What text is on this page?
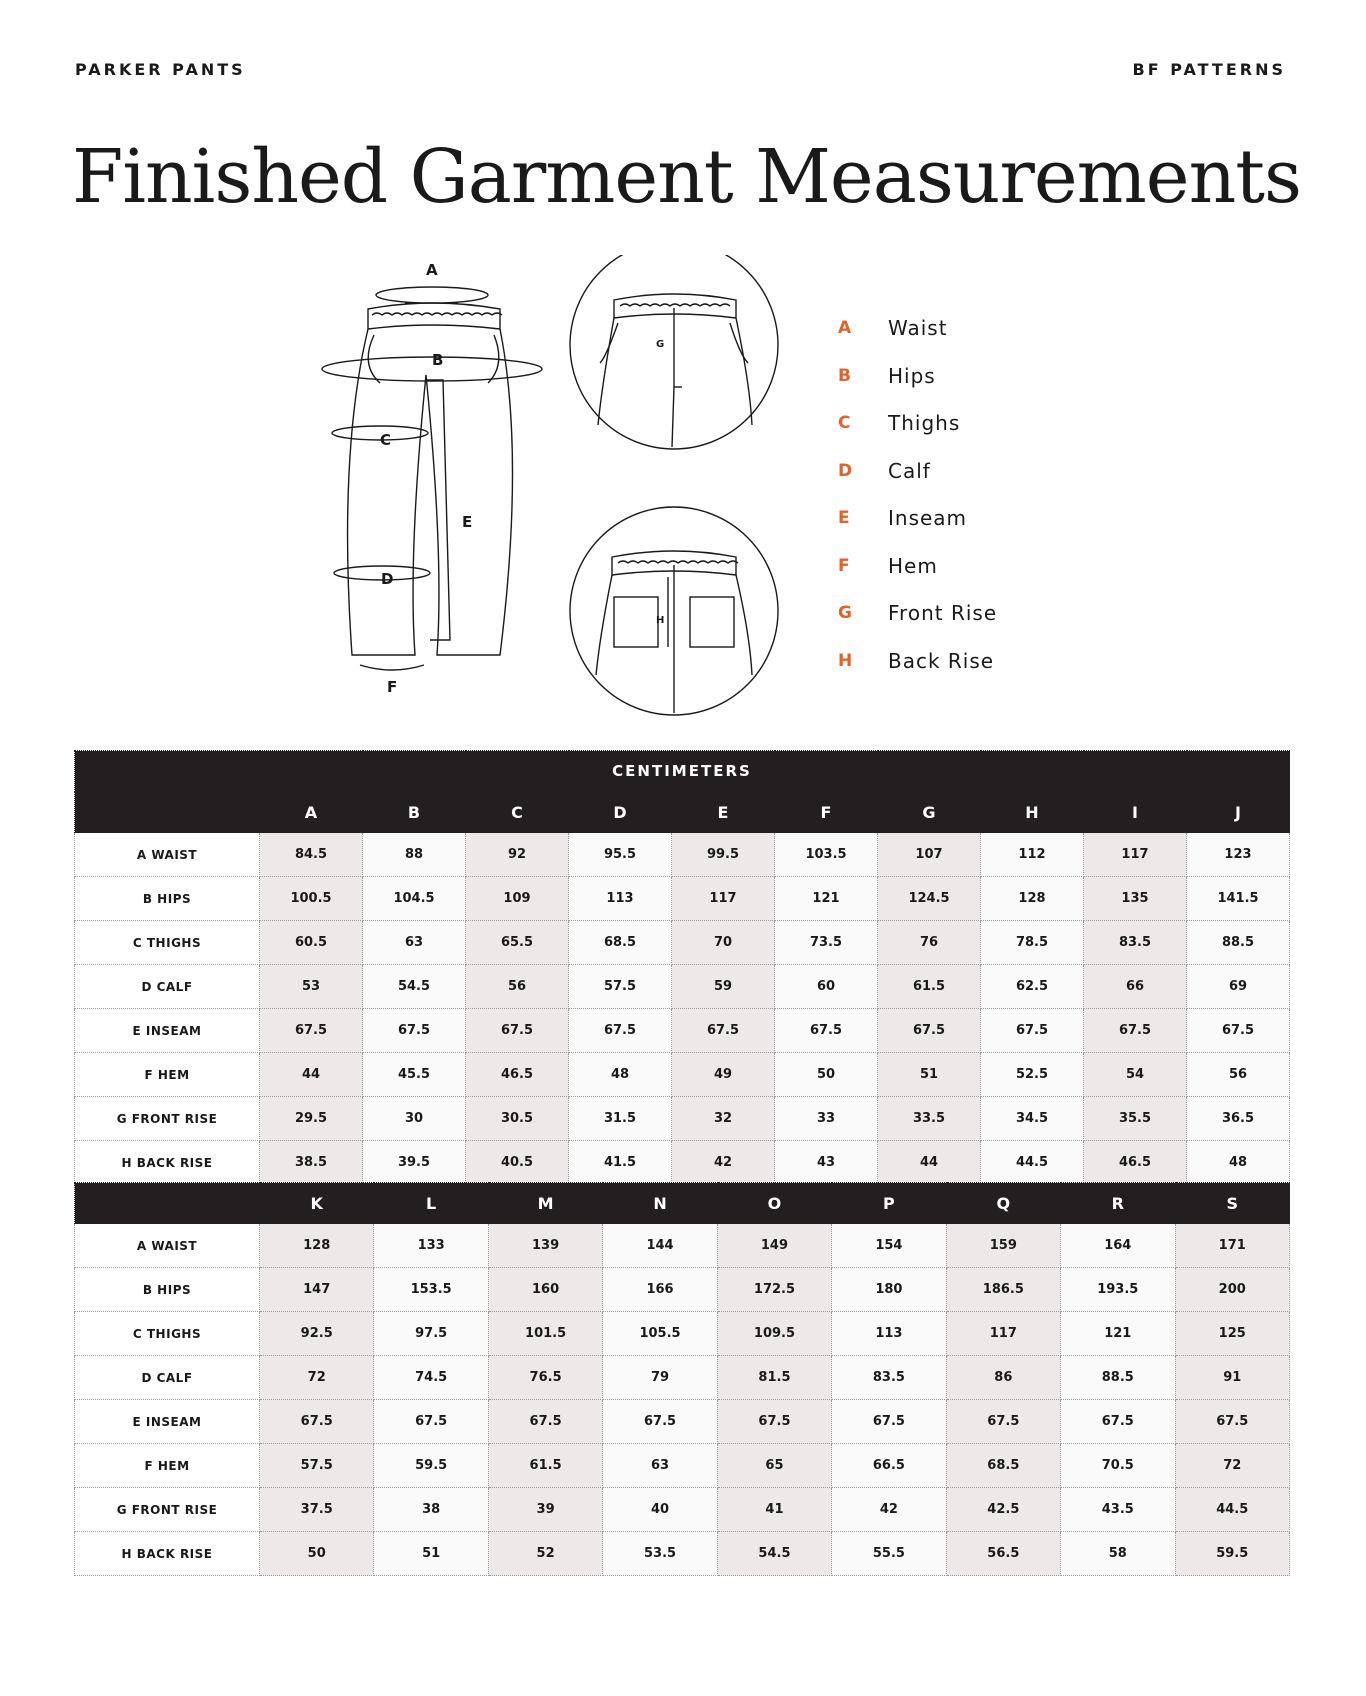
PARKER PANTS	BF PATTERNS
Finished Garment Measurements
A
B
C
D
E
F
G
H
A Waist
B Hips
C Thighs
D Calf
E Inseam
F Hem
G Front Rise
H Back Rise
CENTIMETERS										
	A	B	C	D	E	F	G	H	I	J
A WAIST	84.5	88	92	95.5	99.5	103.5	107	112	117	123
B HIPS	100.5	104.5	109	113	117	121	124.5	128	135	141.5
C THIGHS	60.5	63	65.5	68.5	70	73.5	76	78.5	83.5	88.5
D CALF	53	54.5	56	57.5	59	60	61.5	62.5	66	69
E INSEAM	67.5	67.5	67.5	67.5	67.5	67.5	67.5	67.5	67.5	67.5
F HEM	44	45.5	46.5	48	49	50	51	52.5	54	56
G FRONT RISE	29.5	30	30.5	31.5	32	33	33.5	34.5	35.5	36.5
H BACK RISE	38.5	39.5	40.5	41.5	42	43	44	44.5	46.5	48
	K	L	M	N	O	P	Q	R	S
A WAIST	128	133	139	144	149	154	159	164	171
B HIPS	147	153.5	160	166	172.5	180	186.5	193.5	200
C THIGHS	92.5	97.5	101.5	105.5	109.5	113	117	121	125
D CALF	72	74.5	76.5	79	81.5	83.5	86	88.5	91
E INSEAM	67.5	67.5	67.5	67.5	67.5	67.5	67.5	67.5	67.5
F HEM	57.5	59.5	61.5	63	65	66.5	68.5	70.5	72
G FRONT RISE	37.5	38	39	40	41	42	42.5	43.5	44.5
H BACK RISE	50	51	52	53.5	54.5	55.5	56.5	58	59.5
